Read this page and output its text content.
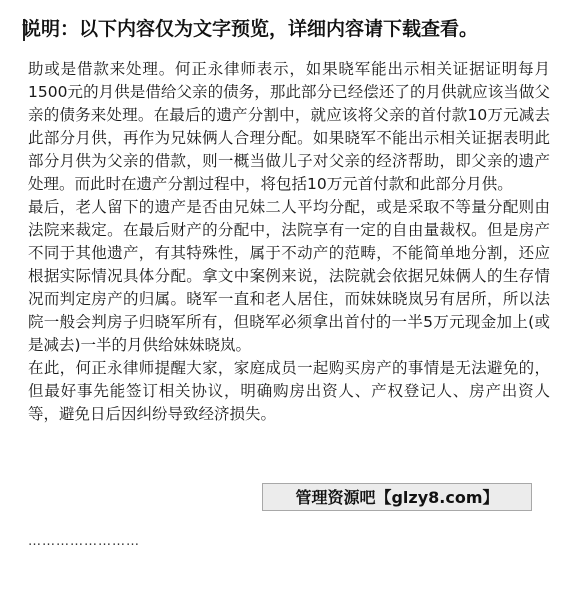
说明：以下内容仅为文字预览，详细内容请下载查看。

助或是借款来处理。何正永律师表示，如果晓军能出示相关证据证明每月1500元的月供是借给父亲的债务，那此部分已经偿还了的月供就应该当做父亲的债务来处理。在最后的遗产分割中，就应该将父亲的首付款10万元减去此部分月供，再作为兄妹俩人合理分配。如果晓军不能出示相关证据表明此部分月供为父亲的借款，则一概当做儿子对父亲的经济帮助，即父亲的遗产处理。而此时在遗产分割过程中，将包括10万元首付款和此部分月供。

最后，老人留下的遗产是否由兄妹二人平均分配，或是采取不等量分配则由法院来裁定。在最后财产的分配中，法院享有一定的自由量裁权。但是房产不同于其他遗产，有其特殊性，属于不动产的范畴，不能简单地分割，还应根据实际情况具体分配。拿文中案例来说，法院就会依据兄妹俩人的生存情况而判定房产的归属。晓军一直和老人居住，而妹妹晓岚另有居所，所以法院一般会判房子归晓军所有，但晓军必须拿出首付的一半5万元现金加上(或是减去)一半的月供给妹妹晓岚。

在此，何正永律师提醒大家，家庭成员一起购买房产的事情是无法避免的，但最好事先能签订相关协议，明确购房出资人、产权登记人、房产出资人等，避免日后因纠纷导致经济损失。

……………………
管理资源吧【glzy8.com】
